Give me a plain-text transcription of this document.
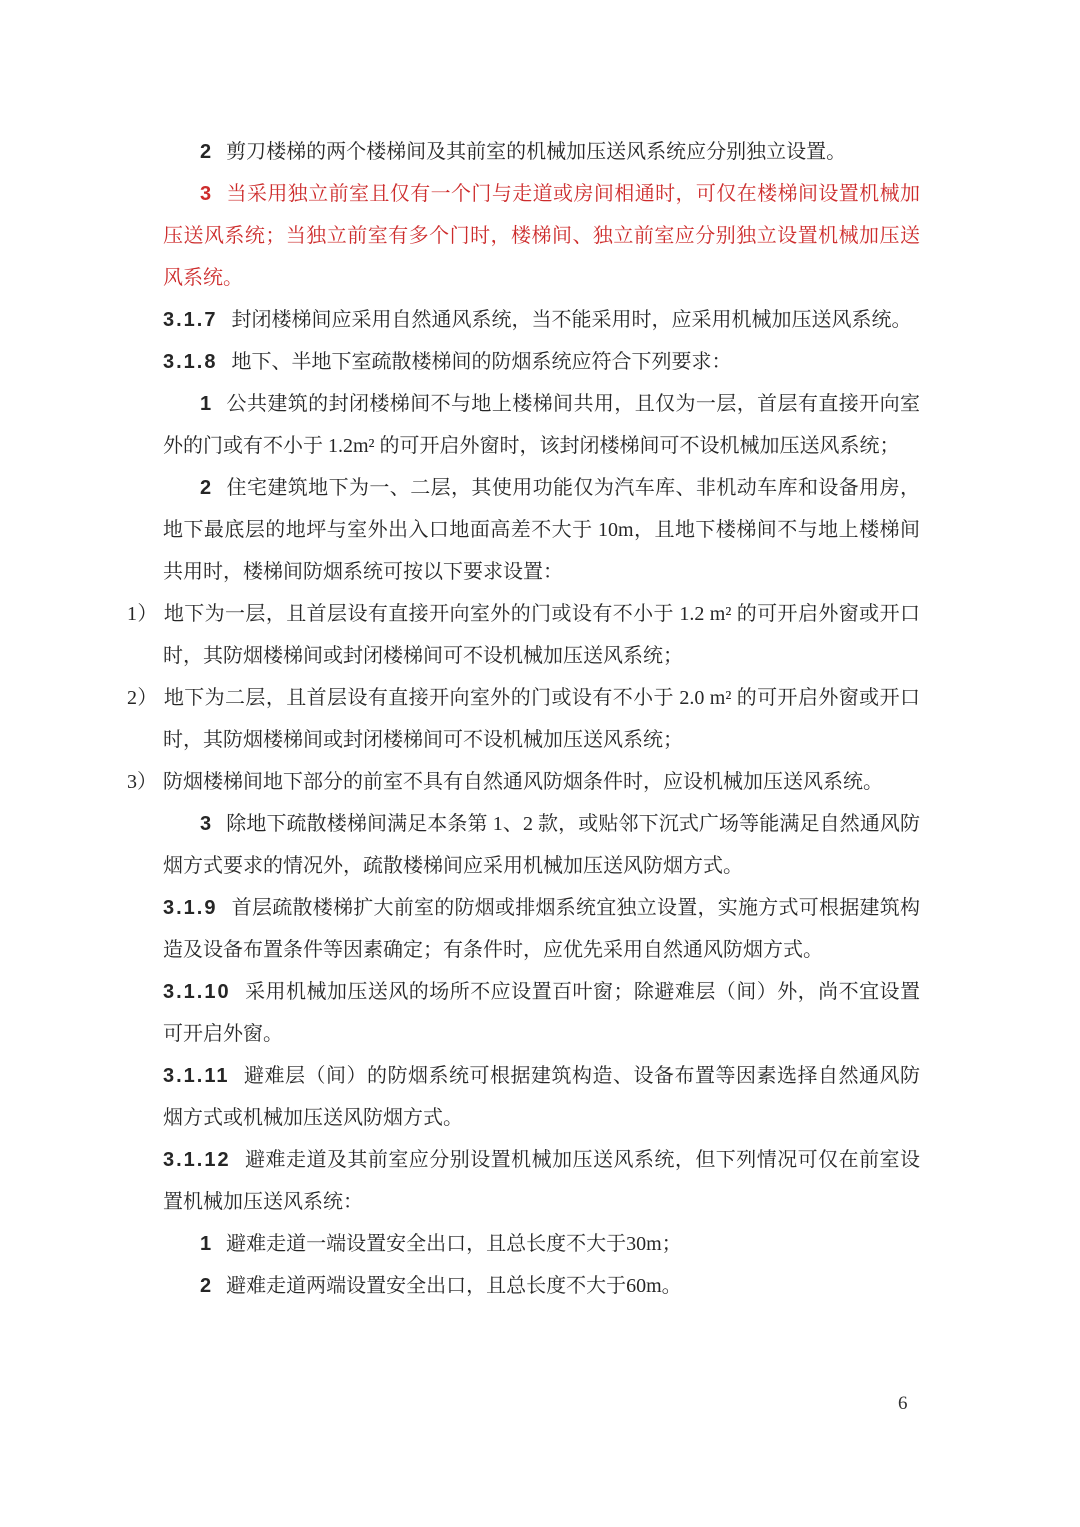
2 剪刀楼梯的两个楼梯间及其前室的机械加压送风系统应分别独立设置。

3 当采用独立前室且仅有一个门与走道或房间相通时，可仅在楼梯间设置机械加压送风系统；当独立前室有多个门时，楼梯间、独立前室应分别独立设置机械加压送风系统。

3.1.7 封闭楼梯间应采用自然通风系统，当不能采用时，应采用机械加压送风系统。

3.1.8 地下、半地下室疏散楼梯间的防烟系统应符合下列要求：

1 公共建筑的封闭楼梯间不与地上楼梯间共用，且仅为一层，首层有直接开向室外的门或有不小于 1.2m² 的可开启外窗时，该封闭楼梯间可不设机械加压送风系统；

2 住宅建筑地下为一、二层，其使用功能仅为汽车库、非机动车库和设备用房，地下最底层的地坪与室外出入口地面高差不大于 10m，且地下楼梯间不与地上楼梯间共用时，楼梯间防烟系统可按以下要求设置：

1） 地下为一层，且首层设有直接开向室外的门或设有不小于 1.2 m² 的可开启外窗或开口时，其防烟楼梯间或封闭楼梯间可不设机械加压送风系统；

2） 地下为二层，且首层设有直接开向室外的门或设有不小于 2.0 m² 的可开启外窗或开口时，其防烟楼梯间或封闭楼梯间可不设机械加压送风系统；

3） 防烟楼梯间地下部分的前室不具有自然通风防烟条件时，应设机械加压送风系统。

3 除地下疏散楼梯间满足本条第 1、2 款，或贴邻下沉式广场等能满足自然通风防烟方式要求的情况外，疏散楼梯间应采用机械加压送风防烟方式。

3.1.9 首层疏散楼梯扩大前室的防烟或排烟系统宜独立设置，实施方式可根据建筑构造及设备布置条件等因素确定；有条件时，应优先采用自然通风防烟方式。

3.1.10 采用机械加压送风的场所不应设置百叶窗；除避难层（间）外，尚不宜设置可开启外窗。

3.1.11 避难层（间）的防烟系统可根据建筑构造、设备布置等因素选择自然通风防烟方式或机械加压送风防烟方式。

3.1.12 避难走道及其前室应分别设置机械加压送风系统，但下列情况可仅在前室设置机械加压送风系统：

1 避难走道一端设置安全出口，且总长度不大于30m；

2 避难走道两端设置安全出口，且总长度不大于60m。

6
